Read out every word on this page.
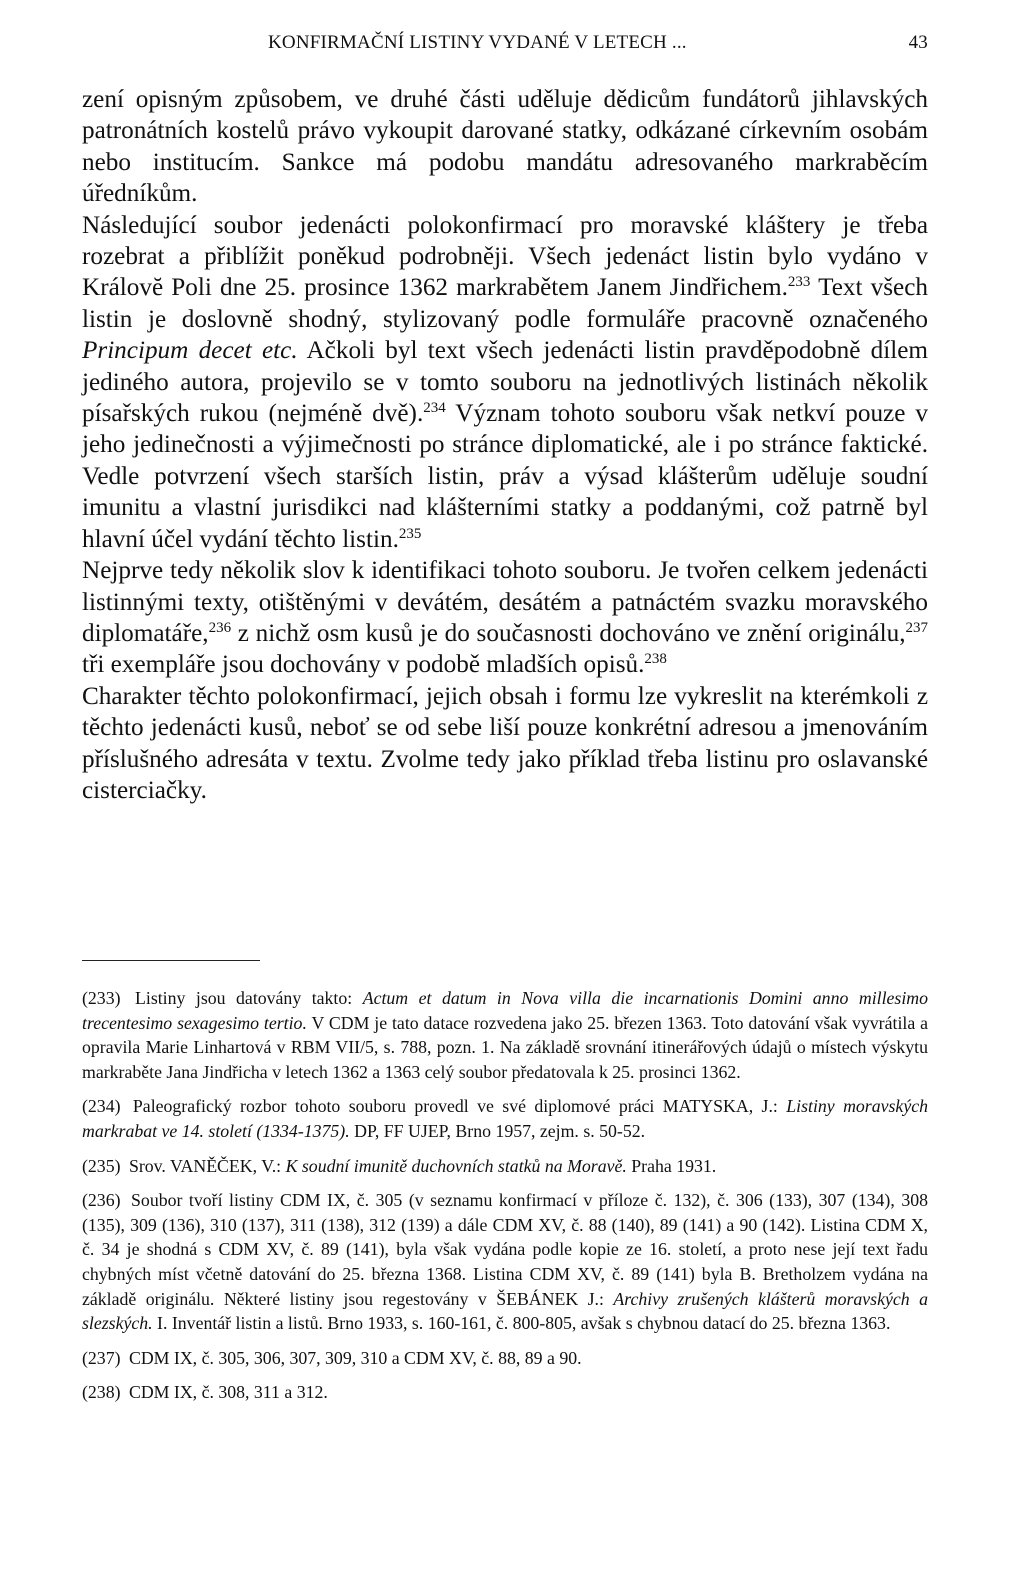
KONFIRMAČNÍ LISTINY VYDANÉ V LETECH ...	43

zení opisným způsobem, ve druhé části uděluje dědicům fundátorů jihlavských patronátních kostelů právo vykoupit darované statky, odkázané církevním osobám nebo institucím. Sankce má podobu mandátu adresovaného markraběcím úředníkům.

Následující soubor jedenácti polokonfirmací pro moravské kláštery je třeba rozebrat a přiblížit poněkud podrobněji. Všech jedenáct listin bylo vydáno v Královĕ Poli dne 25. prosince 1362 markrabětem Janem Jindřichem.$^{233}$ Text všech listin je doslovně shodný, stylizovaný podle formuláře pracovně označeného Principum decet etc. Ačkoli byl text všech jedenácti listin pravděpodobně dílem jediného autora, projevilo se v tomto souboru na jednotlivých listinách několik písařských rukou (nejméně dvě).$^{234}$ Význam tohoto souboru však netkví pouze v jeho jedinečnosti a výjimečnosti po stránce diplomatické, ale i po stránce faktické. Vedle potvrzení všech starších listin, práv a výsad klášterům uděluje soudní imunitu a vlastní jurisdikci nad klášterními statky a poddanými, což patrně byl hlavní účel vydání těchto listin.$^{235}$

Nejprve tedy několik slov k identifikaci tohoto souboru. Je tvořen celkem jedenácti listinnými texty, otištěnými v devátém, desátém a patnáctém svazku moravského diplomatáře,$^{236}$ z nichž osm kusů je do současnosti dochováno ve znění originálu,$^{237}$ tři exempláře jsou dochovány v podobě mladších opisů.$^{238}$

Charakter těchto polokonfirmací, jejich obsah i formu lze vykreslit na kterémkoli z těchto jedenácti kusů, neboť se od sebe liší pouze konkrétní adresou a jmenováním příslušného adresáta v textu. Zvolme tedy jako příklad třeba listinu pro oslavanské cisterciačky.

(233) Listiny jsou datovány takto: Actum et datum in Nova villa die incarnationis Domini anno millesimo trecentesimo sexagesimo tertio. V CDM je tato datace rozvedena jako 25. březen 1363. Toto datování však vyvrátila a opravila Marie Linhartová v RBM VII/5, s. 788, pozn. 1. Na základě srovnání itinerářových údajů o místech výskytu markraběte Jana Jindřicha v letech 1362 a 1363 celý soubor předatovala k 25. prosinci 1362.

(234) Paleografický rozbor tohoto souboru provedl ve své diplomové práci MATYSKA, J.: Listiny moravských markrabat ve 14. století (1334-1375). DP, FF UJEP, Brno 1957, zejm. s. 50-52.

(235) Srov. VANĚČEK, V.: K soudní imunitě duchovních statků na Moravě. Praha 1931.

(236) Soubor tvoří listiny CDM IX, č. 305 (v seznamu konfirmací v příloze č. 132), č. 306 (133), 307 (134), 308 (135), 309 (136), 310 (137), 311 (138), 312 (139) a dále CDM XV, č. 88 (140), 89 (141) a 90 (142). Listina CDM X, č. 34 je shodná s CDM XV, č. 89 (141), byla však vydána podle kopie ze 16. století, a proto nese její text řadu chybných míst včetně datování do 25. března 1368. Listina CDM XV, č. 89 (141) byla B. Bretholzem vydána na základě originálu. Některé listiny jsou regestovány v ŠEBÁNEK J.: Archivy zrušených klášterů moravských a slezských. I. Inventář listin a listů. Brno 1933, s. 160-161, č. 800-805, avšak s chybnou datací do 25. března 1363.

(237) CDM IX, č. 305, 306, 307, 309, 310 a CDM XV, č. 88, 89 a 90.

(238) CDM IX, č. 308, 311 a 312.
